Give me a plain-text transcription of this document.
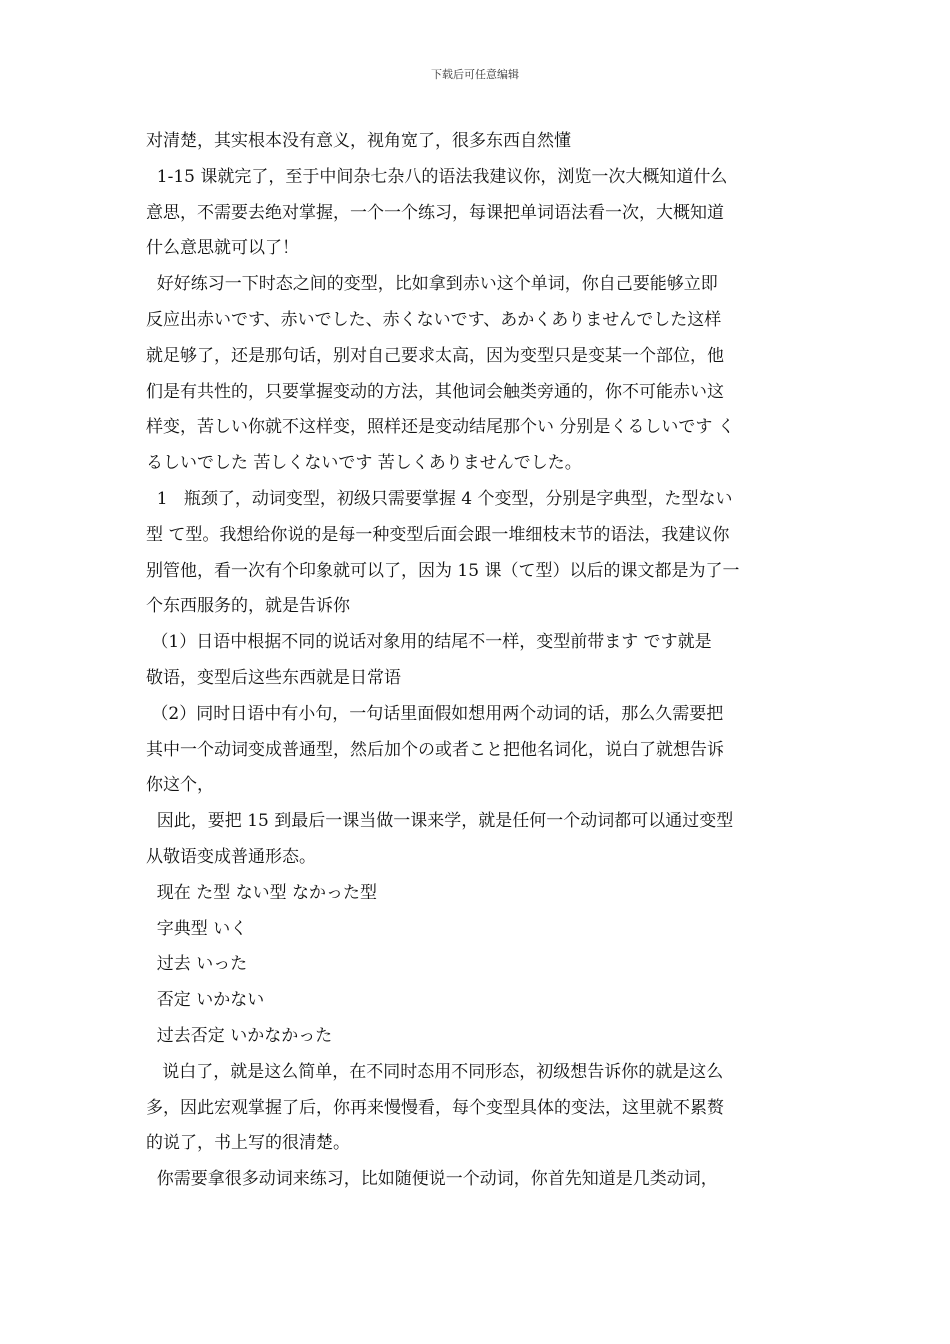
下载后可任意编辑
对清楚，其实根本没有意义，视角宽了，很多东西自然懂
1-15 课就完了，至于中间杂七杂八的语法我建议你，浏览一次大概知道什么
意思，不需要去绝对掌握，一个一个练习，每课把单词语法看一次，大概知道
什么意思就可以了！
好好练习一下时态之间的变型，比如拿到赤い这个单词，你自己要能够立即
反应出赤いです、赤いでした、赤くないです、あかくありませんでした这样
就足够了，还是那句话，别对自己要求太高，因为变型只是变某一个部位，他
们是有共性的，只要掌握变动的方法，其他词会触类旁通的，你不可能赤い这
样变，苦しい你就不这样变，照样还是变动结尾那个い 分别是くるしいです く
るしいでした 苦しくないです 苦しくありませんでした。
1   瓶颈了，动词变型，初级只需要掌握 4 个变型，分别是字典型，た型ない
型 て型。我想给你说的是每一种变型后面会跟一堆细枝末节的语法，我建议你
别管他，看一次有个印象就可以了，因为 15 课（て型）以后的课文都是为了一
个东西服务的，就是告诉你
（1）日语中根据不同的说话对象用的结尾不一样，变型前带ます です就是
敬语，变型后这些东西就是日常语
（2）同时日语中有小句，一句话里面假如想用两个动词的话，那么久需要把
其中一个动词变成普通型，然后加个の或者こと把他名词化，说白了就想告诉
你这个，
因此，要把 15 到最后一课当做一课来学，就是任何一个动词都可以通过变型
从敬语变成普通形态。
现在 た型 ない型 なかった型
字典型 いく
过去 いった
否定 いかない
过去否定 いかなかった
说白了，就是这么简单，在不同时态用不同形态，初级想告诉你的就是这么
多，因此宏观掌握了后，你再来慢慢看，每个变型具体的变法，这里就不累赘
的说了，书上写的很清楚。
你需要拿很多动词来练习，比如随便说一个动词，你首先知道是几类动词，
